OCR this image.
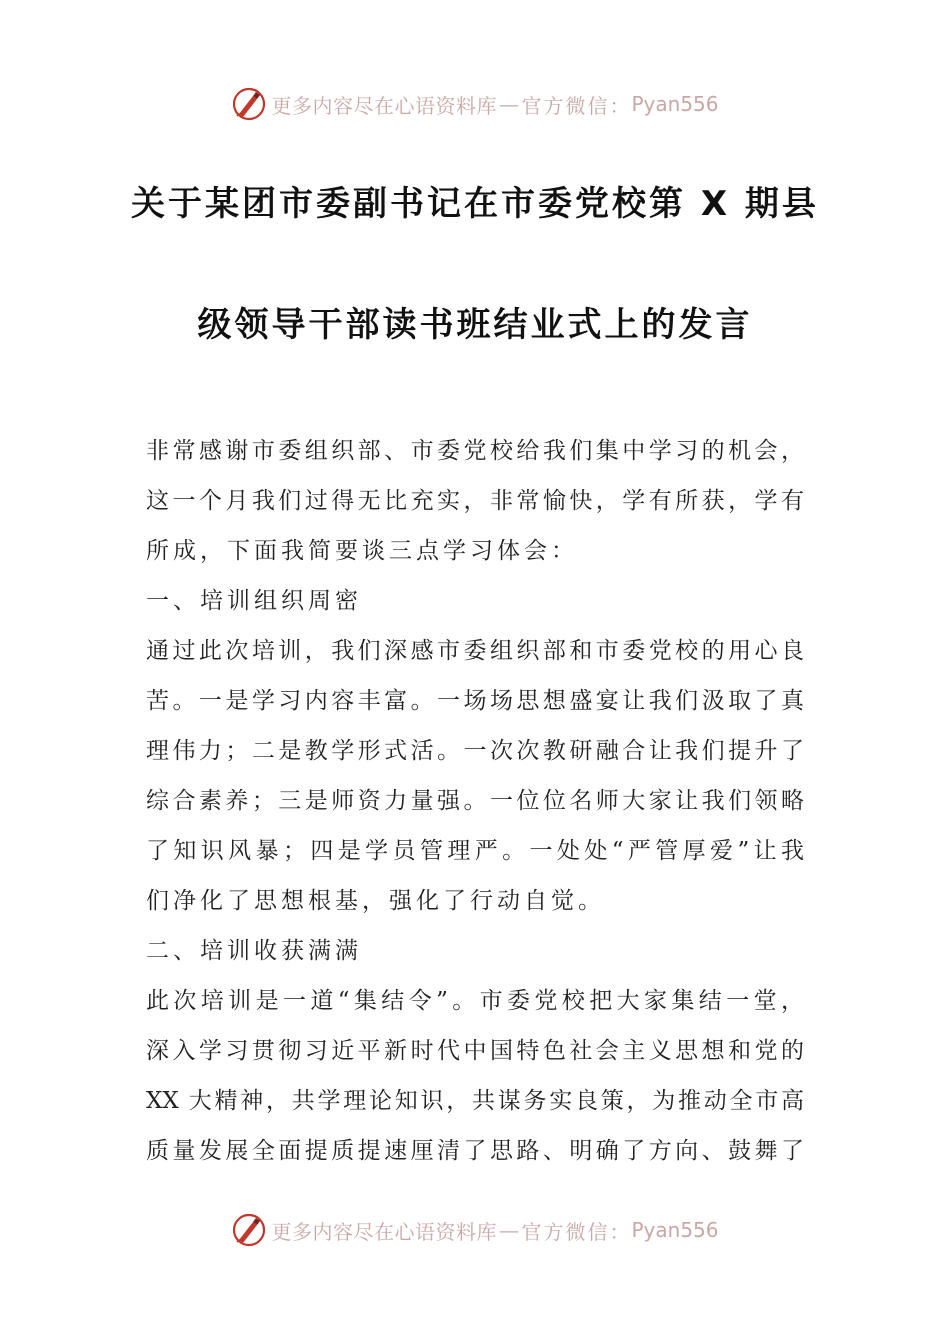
更多内容尽在心语资料库 — 官方微信： Pyan556
关于某团市委副书记在市委党校第 X 期县
级领导干部读书班结业式上的发言
非常感谢市委组织部、市委党校给我们集中学习的机会，
这一个月我们过得无比充实，非常愉快，学有所获，学有
所成，下面我简要谈三点学习体会：
一、培训组织周密
通过此次培训，我们深感市委组织部和市委党校的用心良
苦。一是学习内容丰富。一场场思想盛宴让我们汲取了真
理伟力；二是教学形式活。一次次教研融合让我们提升了
综合素养；三是师资力量强。一位位名师大家让我们领略
了知识风暴；四是学员管理严。一处处“严管厚爱”让我
们净化了思想根基，强化了行动自觉。
二、培训收获满满
此次培训是一道“集结令”。市委党校把大家集结一堂，
深入学习贯彻习近平新时代中国特色社会主义思想和党的
XX 大精神，共学理论知识，共谋务实良策，为推动全市高
质量发展全面提质提速厘清了思路、明确了方向、鼓舞了
更多内容尽在心语资料库 — 官方微信： Pyan556
